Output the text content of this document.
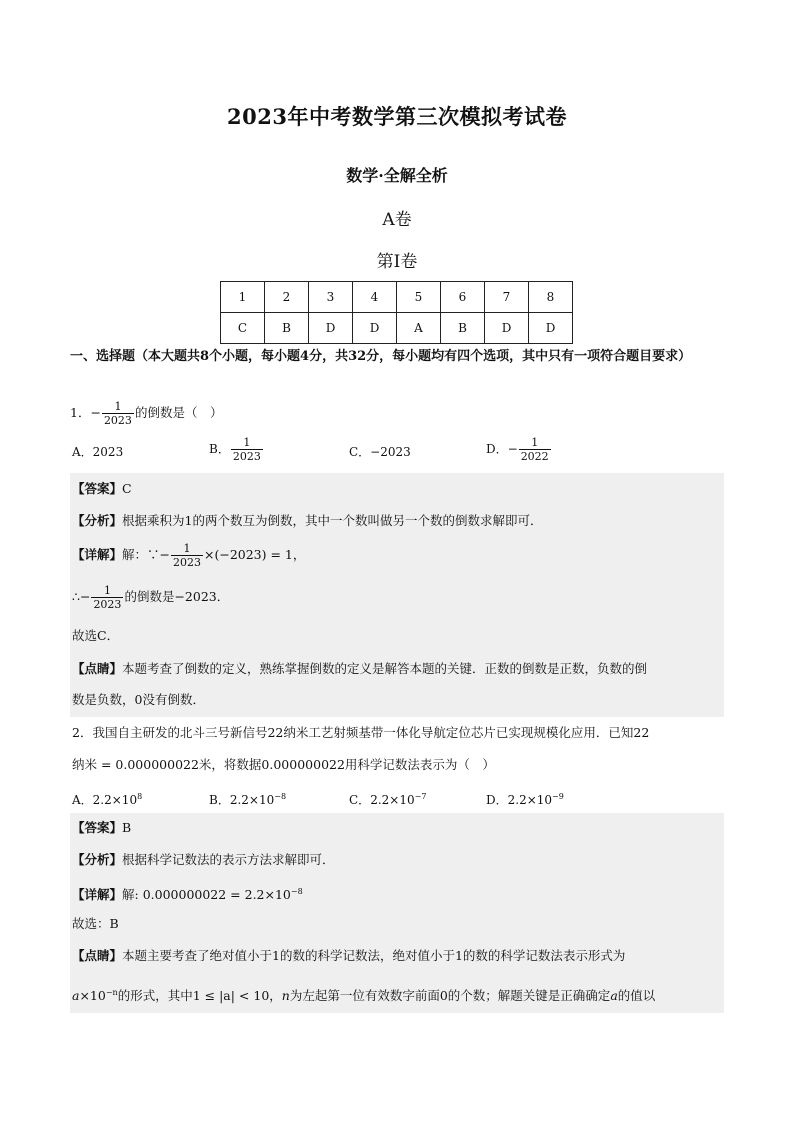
2023年中考数学第三次模拟考试卷
数学·全解全析
A卷
第Ⅰ卷
1	2	3	4	5	6	7	8
C	B	D	D	A	B	D	D
一、选择题（本大题共8个小题，每小题4分，共32分，每小题均有四个选项，其中只有一项符合题目要求）
1．− $\frac{1}{2023}$ 的倒数是（　）
A．2023	B． $\frac{1}{2023}$	C．−2023	D．− $\frac{1}{2022}$
【答案】C
【分析】根据乘积为1的两个数互为倒数，其中一个数叫做另一个数的倒数求解即可．
【详解】解：∵− $\frac{1}{2023} \times(-2023) = 1$，
∴− $\frac{1}{2023}$ 的倒数是−2023．
故选C．
【点睛】本题考查了倒数的定义，熟练掌握倒数的定义是解答本题的关键．正数的倒数是正数，负数的倒
数是负数，0没有倒数．
2．我国自主研发的北斗三号新信号22纳米工艺射频基带一体化导航定位芯片已实现规模化应用．已知22
纳米 = 0.000000022米，将数据0.000000022用科学记数法表示为（　）
A．$2.2\times 10^8$	B．$2.2\times 10^{-8}$	C．$2.2\times 10^{-7}$	D．$2.2\times 10^{-9}$
【答案】B
【分析】根据科学记数法的表示方法求解即可．
【详解】解: $0.000000022 = 2.2\times 10^{-8}$
故选：B
【点睛】本题主要考查了绝对值小于1的数的科学记数法，绝对值小于1的数的科学记数法表示形式为
$a\times 10^{-n}$的形式，其中1 ≤ |a| < 10，n为左起第一位有效数字前面0的个数；解题关键是正确确定a的值以
